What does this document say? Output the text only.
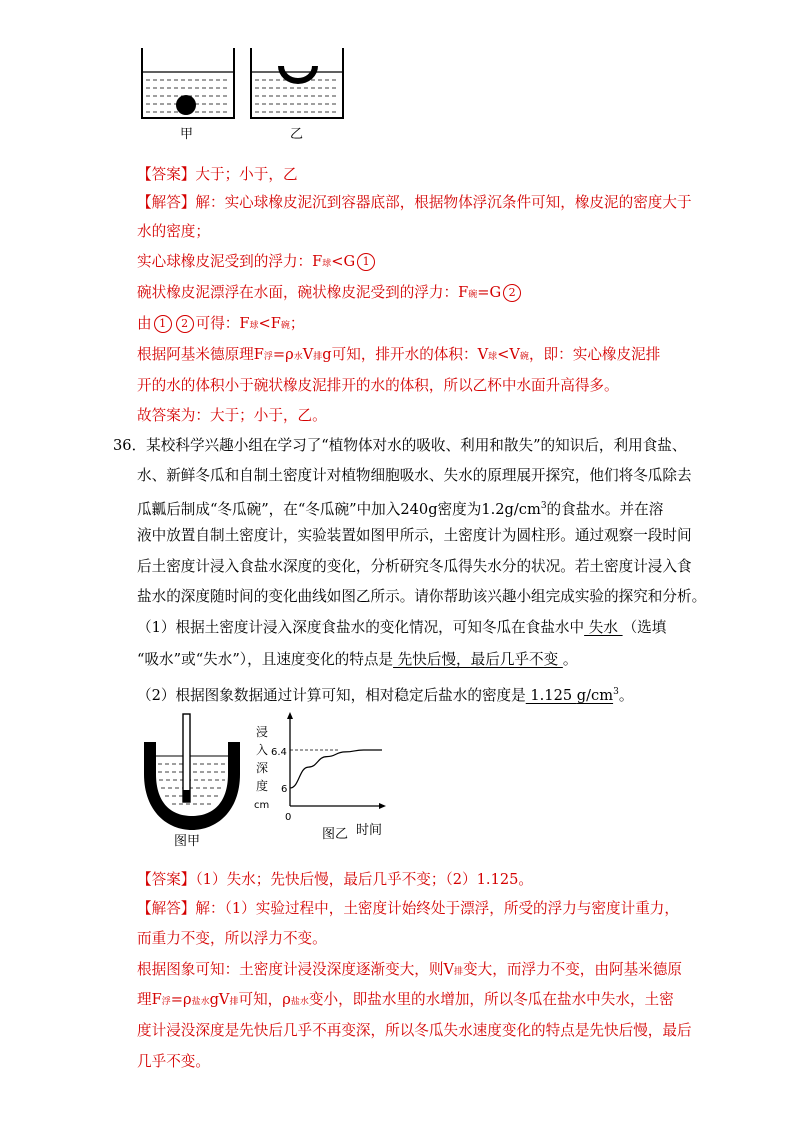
甲	乙
【答案】大于；小于，乙
【解答】解：实心球橡皮泥沉到容器底部，根据物体浮沉条件可知，橡皮泥的密度大于
水的密度；
实心球橡皮泥受到的浮力：F球<G 1
碗状橡皮泥漂浮在水面，碗状橡皮泥受到的浮力：F碗=G 2
由 1 2 可得：F球<F碗；
根据阿基米德原理F浮=ρ水V排g可知，排开水的体积：V球<V碗，即：实心橡皮泥排
开的水的体积小于碗状橡皮泥排开的水的体积，所以乙杯中水面升高得多。
故答案为：大于；小于，乙。
36．某校科学兴趣小组在学习了“植物体对水的吸收、利用和散失”的知识后，利用食盐、
水、新鲜冬瓜和自制土密度计对植物细胞吸水、失水的原理展开探究，他们将冬瓜除去
瓜瓤后制成“冬瓜碗”，在“冬瓜碗”中加入240g密度为$1.2g/cm^3$的食盐水。并在溶
液中放置自制土密度计，实验装置如图甲所示，土密度计为圆柱形。通过观察一段时间
后土密度计浸入食盐水深度的变化，分析研究冬瓜得失水分的状况。若土密度计浸入食
盐水的深度随时间的变化曲线如图乙所示。请你帮助该兴趣小组完成实验的探究和分析。
（1）根据土密度计浸入深度食盐水的变化情况，可知冬瓜在食盐水中 失水 （选填
“吸水”或“失水”），且速度变化的特点是 先快后慢，最后几乎不变 。
（2）根据图象数据通过计算可知，相对稳定后盐水的密度是 1.125 $g/cm^3$。
图甲
浸
入
深
度
cm
6.4
6
0
图乙 时间
【答案】（1）失水；先快后慢，最后几乎不变；（2）1.125。
【解答】解：（1）实验过程中，土密度计始终处于漂浮，所受的浮力与密度计重力，
而重力不变，所以浮力不变。
根据图象可知：土密度计浸没深度逐渐变大，则V排变大，而浮力不变，由阿基米德原
理F浮=ρ盐水gV排可知，ρ盐水变小，即盐水里的水增加，所以冬瓜在盐水中失水，土密
度计浸没深度是先快后几乎不再变深，所以冬瓜失水速度变化的特点是先快后慢，最后
几乎不变。
